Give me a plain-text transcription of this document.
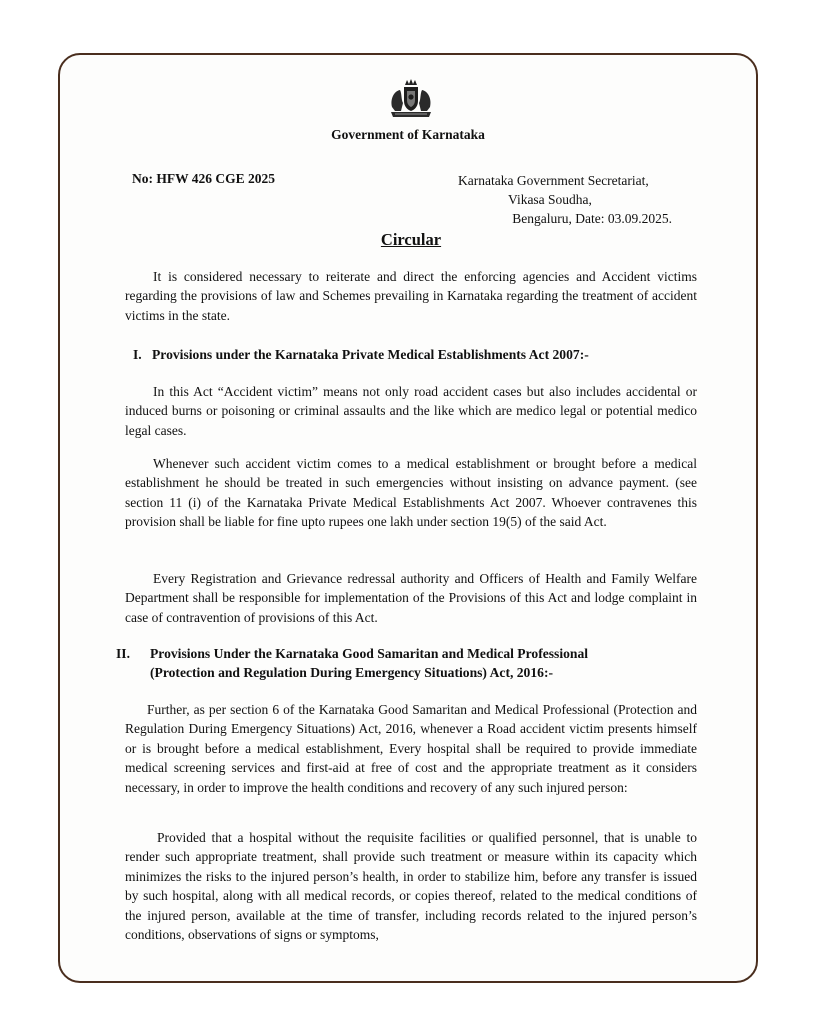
Government of Karnataka
No: HFW 426 CGE 2025	Karnataka Government Secretariat,
Vikasa Soudha,
Bengaluru, Date: 03.09.2025.
Circular

It is considered necessary to reiterate and direct the enforcing agencies and Accident victims regarding the provisions of law and Schemes prevailing in Karnataka regarding the treatment of accident victims in the state.

I. Provisions under the Karnataka Private Medical Establishments Act 2007:-

In this Act “Accident victim” means not only road accident cases but also includes accidental or induced burns or poisoning or criminal assaults and the like which are medico legal or potential medico legal cases.

Whenever such accident victim comes to a medical establishment or brought before a medical establishment he should be treated in such emergencies without insisting on advance payment. (see section 11 (i) of the Karnataka Private Medical Establishments Act 2007. Whoever contravenes this provision shall be liable for fine upto rupees one lakh under section 19(5) of the said Act.

Every Registration and Grievance redressal authority and Officers of Health and Family Welfare Department shall be responsible for implementation of the Provisions of this Act and lodge complaint in case of contravention of provisions of this Act.

II. Provisions Under the Karnataka Good Samaritan and Medical Professional
(Protection and Regulation During Emergency Situations) Act, 2016:-

Further, as per section 6 of the Karnataka Good Samaritan and Medical Professional (Protection and Regulation During Emergency Situations) Act, 2016, whenever a Road accident victim presents himself or is brought before a medical establishment, Every hospital shall be required to provide immediate medical screening services and first-aid at free of cost and the appropriate treatment as it considers necessary, in order to improve the health conditions and recovery of any such injured person:

Provided that a hospital without the requisite facilities or qualified personnel, that is unable to render such appropriate treatment, shall provide such treatment or measure within its capacity which minimizes the risks to the injured person’s health, in order to stabilize him, before any transfer is issued by such hospital, along with all medical records, or copies thereof, related to the medical conditions of the injured person, available at the time of transfer, including records related to the injured person’s conditions, observations of signs or symptoms,
